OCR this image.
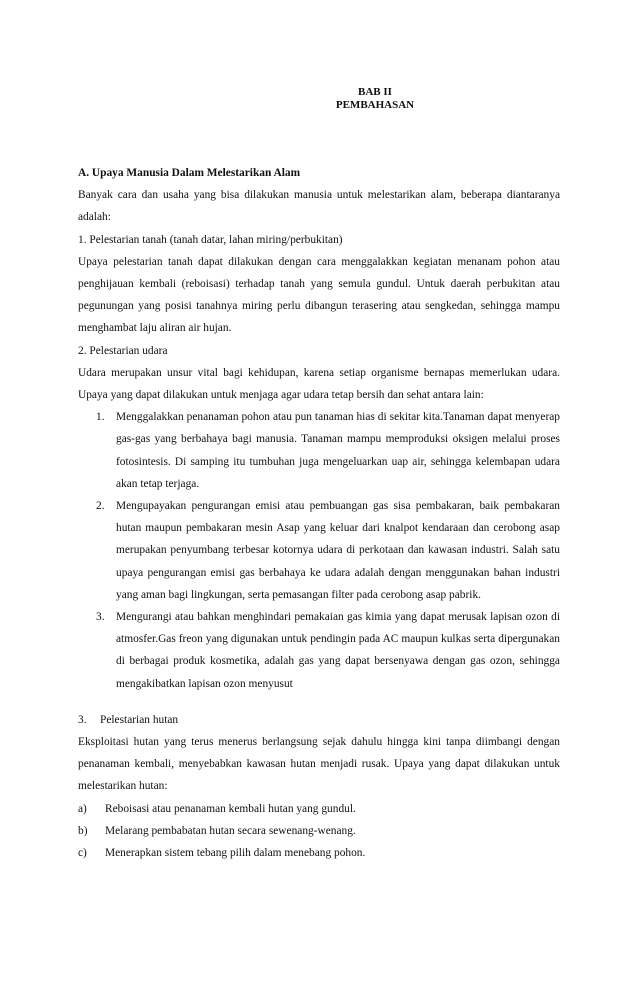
BAB II
PEMBAHASAN

A. Upaya Manusia Dalam Melestarikan Alam

Banyak cara dan usaha yang bisa dilakukan manusia untuk melestarikan alam, beberapa diantaranya adalah:

1. Pelestarian tanah (tanah datar, lahan miring/perbukitan)

Upaya pelestarian tanah dapat dilakukan dengan cara menggalakkan kegiatan menanam pohon atau penghijauan kembali (reboisasi) terhadap tanah yang semula gundul. Untuk daerah perbukitan atau pegunungan yang posisi tanahnya miring perlu dibangun terasering atau sengkedan, sehingga mampu menghambat laju aliran air hujan.

2. Pelestarian udara

Udara merupakan unsur vital bagi kehidupan, karena setiap organisme bernapas memerlukan udara. Upaya yang dapat dilakukan untuk menjaga agar udara tetap bersih dan sehat antara lain:

1. Menggalakkan penanaman pohon atau pun tanaman hias di sekitar kita.Tanaman dapat menyerap gas-gas yang berbahaya bagi manusia. Tanaman mampu memproduksi oksigen melalui proses fotosintesis. Di samping itu tumbuhan juga mengeluarkan uap air, sehingga kelembapan udara akan tetap terjaga.
2. Mengupayakan pengurangan emisi atau pembuangan gas sisa pembakaran, baik pembakaran hutan maupun pembakaran mesin Asap yang keluar dari knalpot kendaraan dan cerobong asap merupakan penyumbang terbesar kotornya udara di perkotaan dan kawasan industri. Salah satu upaya pengurangan emisi gas berbahaya ke udara adalah dengan menggunakan bahan industri yang aman bagi lingkungan, serta pemasangan filter pada cerobong asap pabrik.
3. Mengurangi atau bahkan menghindari pemakaian gas kimia yang dapat merusak lapisan ozon di atmosfer.Gas freon yang digunakan untuk pendingin pada AC maupun kulkas serta dipergunakan di berbagai produk kosmetika, adalah gas yang dapat bersenyawa dengan gas ozon, sehingga mengakibatkan lapisan ozon menyusut

3. Pelestarian hutan

Eksploitasi hutan yang terus menerus berlangsung sejak dahulu hingga kini tanpa diimbangi dengan penanaman kembali, menyebabkan kawasan hutan menjadi rusak. Upaya yang dapat dilakukan untuk melestarikan hutan:

a) Reboisasi atau penanaman kembali hutan yang gundul.
b) Melarang pembabatan hutan secara sewenang-wenang.
c) Menerapkan sistem tebang pilih dalam menebang pohon.
